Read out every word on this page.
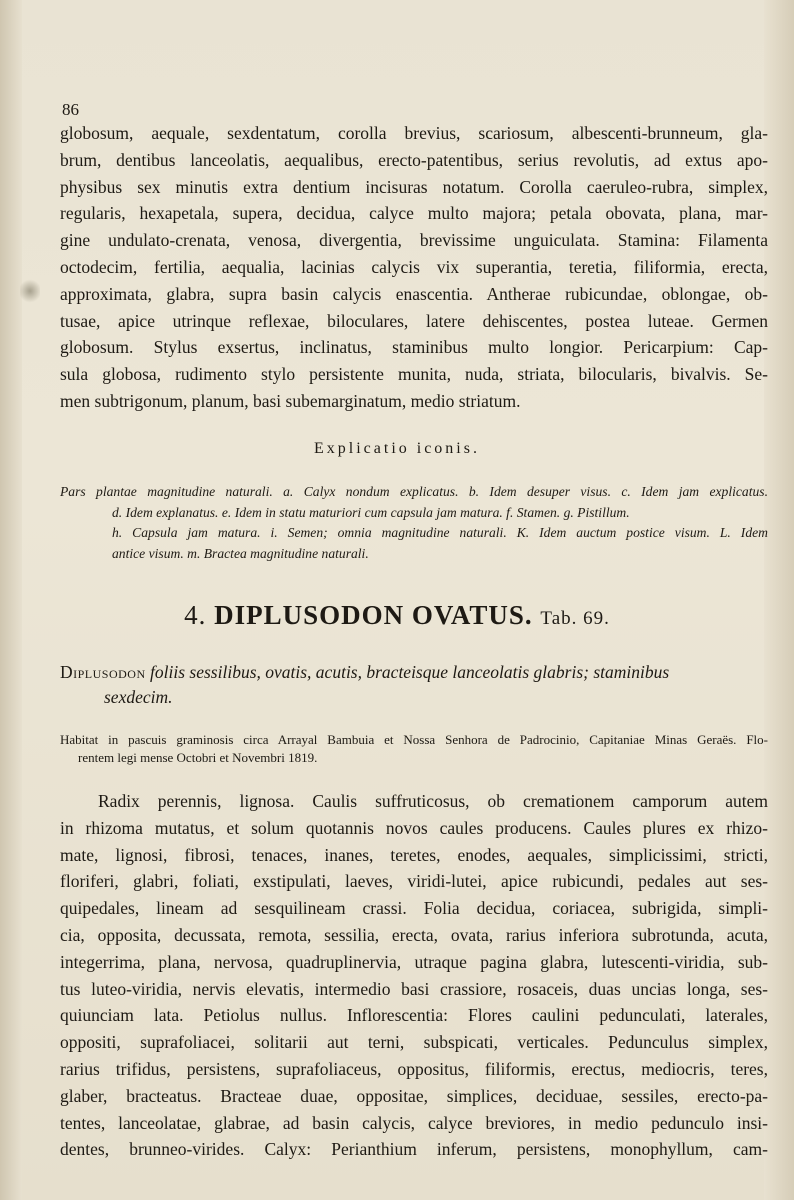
86
globosum, aequale, sexdentatum, corolla brevius, scariosum, albescenti-brunneum, gla-
brum, dentibus lanceolatis, aequalibus, erecto-patentibus, serius revolutis, ad extus apo-
physibus sex minutis extra dentium incisuras notatum. Corolla caeruleo-rubra, simplex,
regularis, hexapetala, supera, decidua, calyce multo majora; petala obovata, plana, mar-
gine undulato-crenata, venosa, divergentia, brevissime unguiculata. Stamina: Filamenta
octodecim, fertilia, aequalia, lacinias calycis vix superantia, teretia, filiformia, erecta,
approximata, glabra, supra basin calycis enascentia. Antherae rubicundae, oblongae, ob-
tusae, apice utrinque reflexae, biloculares, latere dehiscentes, postea luteae. Germen
globosum. Stylus exsertus, inclinatus, staminibus multo longior. Pericarpium: Cap-
sula globosa, rudimento stylo persistente munita, nuda, striata, bilocularis, bivalvis. Se-
men subtrigonum, planum, basi subemarginatum, medio striatum.
Explicatio iconis.
Pars plantae magnitudine naturali. a. Calyx nondum explicatus. b. Idem desuper visus. c. Idem jam explicatus.
d. Idem explanatus. e. Idem in statu maturiori cum capsula jam matura. f. Stamen. g. Pistillum.
h. Capsula jam matura. i. Semen; omnia magnitudine naturali. K. Idem auctum postice visum. L. Idem
antice visum. m. Bractea magnitudine naturali.
4. DIPLUSODON OVATUS. Tab. 69.
Diplusodon foliis sessilibus, ovatis, acutis, bracteisque lanceolatis glabris; staminibus
sexdecim.
Habitat in pascuis graminosis circa Arrayal Bambuia et Nossa Senhora de Padrocinio, Capitaniae Minas Geraës. Flo-
rentem legi mense Octobri et Novembri 1819.
Radix perennis, lignosa. Caulis suffruticosus, ob cremationem camporum autem
in rhizoma mutatus, et solum quotannis novos caules producens. Caules plures ex rhizo-
mate, lignosi, fibrosi, tenaces, inanes, teretes, enodes, aequales, simplicissimi, stricti,
floriferi, glabri, foliati, exstipulati, laeves, viridi-lutei, apice rubicundi, pedales aut ses-
quipedales, lineam ad sesquilineam crassi. Folia decidua, coriacea, subrigida, simpli-
cia, opposita, decussata, remota, sessilia, erecta, ovata, rarius inferiora subrotunda, acuta,
integerrima, plana, nervosa, quadruplinervia, utraque pagina glabra, lutescenti-viridia, sub-
tus luteo-viridia, nervis elevatis, intermedio basi crassiore, rosaceis, duas uncias longa, ses-
quiunciam lata. Petiolus nullus. Inflorescentia: Flores caulini pedunculati, laterales,
oppositi, suprafoliacei, solitarii aut terni, subspicati, verticales. Pedunculus simplex,
rarius trifidus, persistens, suprafoliaceus, oppositus, filiformis, erectus, mediocris, teres,
glaber, bracteatus. Bracteae duae, oppositae, simplices, deciduae, sessiles, erecto-pa-
tentes, lanceolatae, glabrae, ad basin calycis, calyce breviores, in medio pedunculo insi-
dentes, brunneo-virides. Calyx: Perianthium inferum, persistens, monophyllum, cam-
